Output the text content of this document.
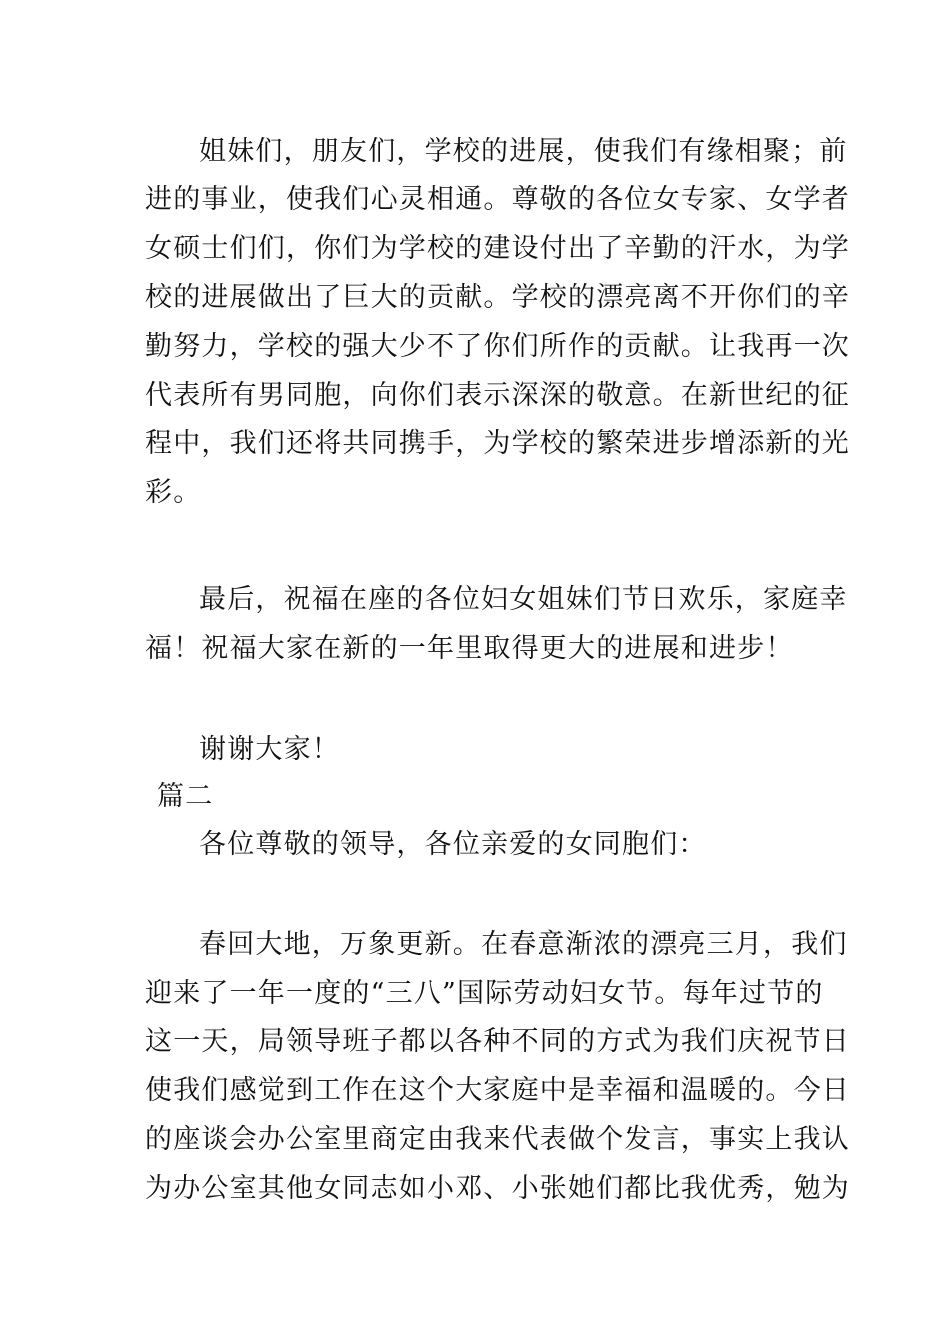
姐妹们，朋友们，学校的进展，使我们有缘相聚；前
进的事业，使我们心灵相通。尊敬的各位女专家、女学者
女硕士们们，你们为学校的建设付出了辛勤的汗水，为学
校的进展做出了巨大的贡献。学校的漂亮离不开你们的辛
勤努力，学校的强大少不了你们所作的贡献。让我再一次
代表所有男同胞，向你们表示深深的敬意。在新世纪的征
程中，我们还将共同携手，为学校的繁荣进步增添新的光
彩。
最后，祝福在座的各位妇女姐妹们节日欢乐，家庭幸
福！祝福大家在新的一年里取得更大的进展和进步！
谢谢大家！
篇二
各位尊敬的领导，各位亲爱的女同胞们：
春回大地，万象更新。在春意渐浓的漂亮三月，我们
迎来了一年一度的“三八”国际劳动妇女节。每年过节的
这一天，局领导班子都以各种不同的方式为我们庆祝节日
使我们感觉到工作在这个大家庭中是幸福和温暖的。今日
的座谈会办公室里商定由我来代表做个发言，事实上我认
为办公室其他女同志如小邓、小张她们都比我优秀，勉为
